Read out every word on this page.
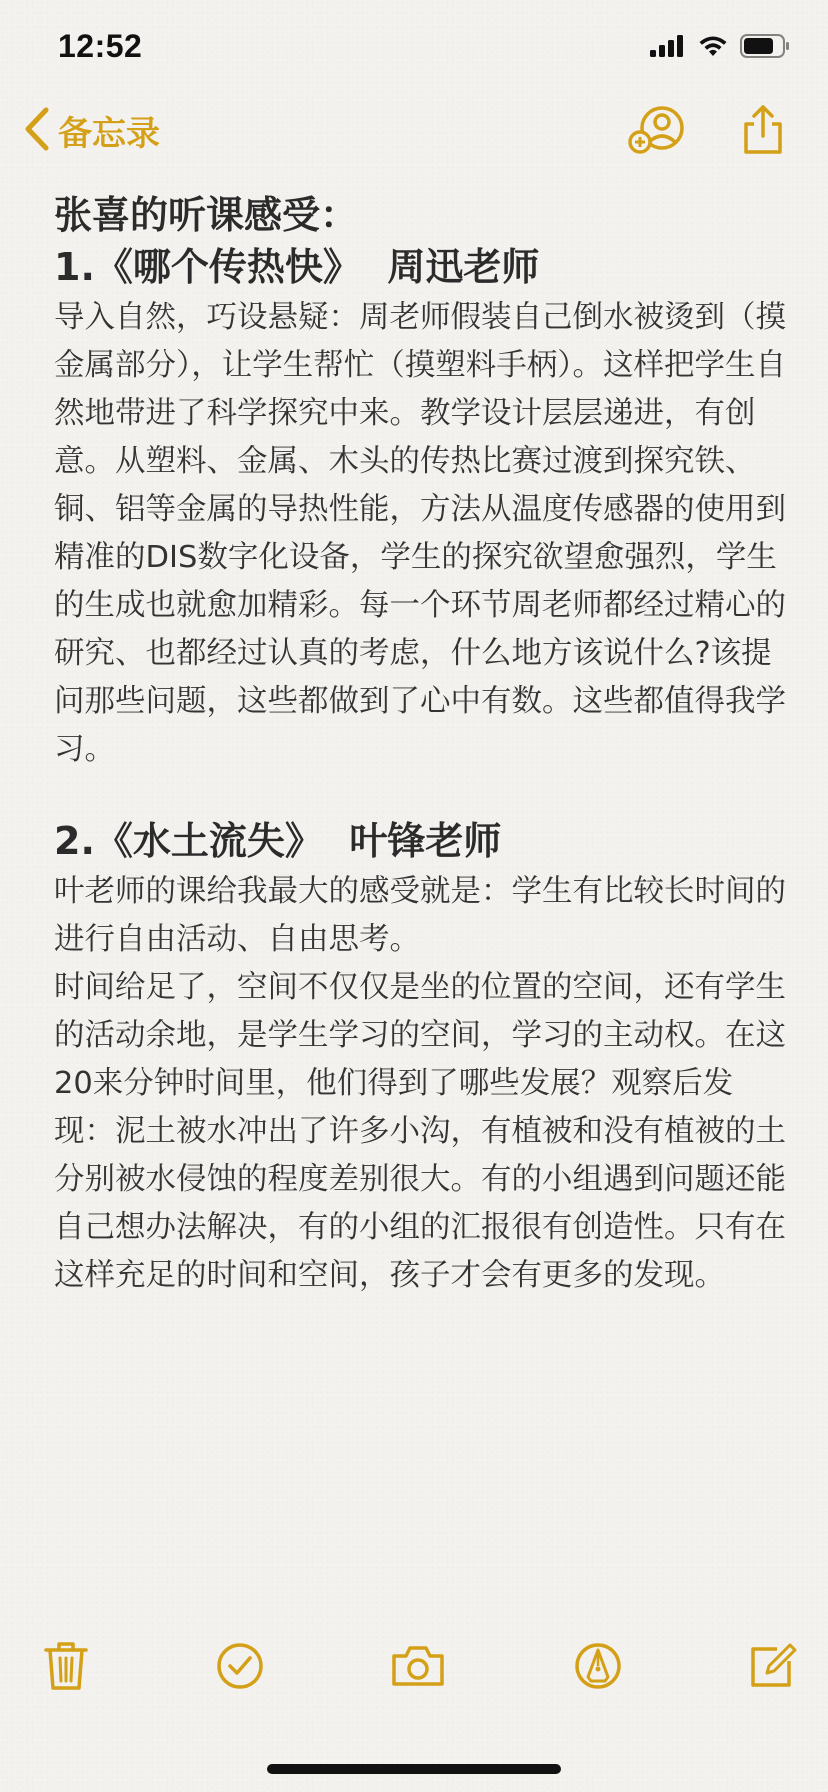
12:52
备忘录
张喜的听课感受：
1.《哪个传热快》  周迅老师

导入自然，巧设悬疑：周老师假装自己倒水被烫到（摸金属部分），让学生帮忙（摸塑料手柄）。这样把学生自然地带进了科学探究中来。教学设计层层递进，有创意。从塑料、金属、木头的传热比赛过渡到探究铁、铜、铝等金属的导热性能，方法从温度传感器的使用到精准的DIS数字化设备，学生的探究欲望愈强烈，学生的生成也就愈加精彩。每一个环节周老师都经过精心的研究、也都经过认真的考虑，什么地方该说什么?该提问那些问题，这些都做到了心中有数。这些都值得我学习。

2.《水土流失》  叶锋老师

叶老师的课给我最大的感受就是：学生有比较长时间的进行自由活动、自由思考。

时间给足了，空间不仅仅是坐的位置的空间，还有学生的活动余地，是学生学习的空间，学习的主动权。在这20来分钟时间里，他们得到了哪些发展？观察后发现：泥土被水冲出了许多小沟，有植被和没有植被的土分别被水侵蚀的程度差别很大。有的小组遇到问题还能自己想办法解决，有的小组的汇报很有创造性。只有在这样充足的时间和空间，孩子才会有更多的发现。
